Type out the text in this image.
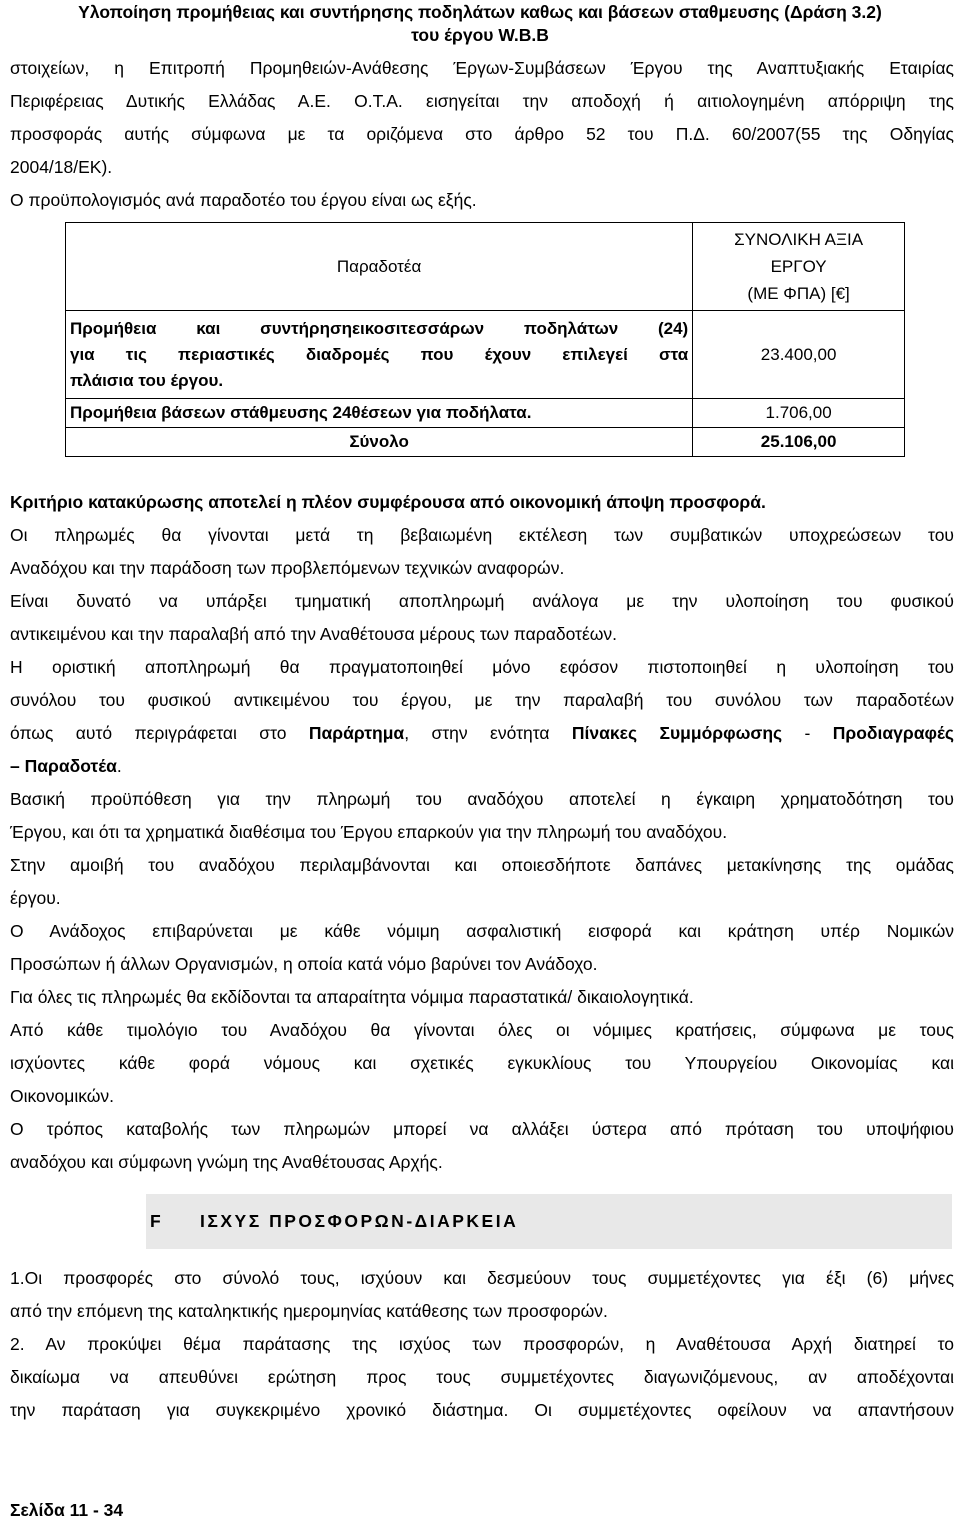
Υλοποίηση προμήθειας και συντήρησης ποδηλάτων καθως και βάσεων σταθμευσης (Δράση 3.2)
του έργου W.B.B
στοιχείων, η Επιτροπή Προμηθειών-Ανάθεσης Έργων-Συμβάσεων Έργου της Αναπτυξιακής Εταιρίας
Περιφέρειας Δυτικής Ελλάδας Α.Ε. Ο.Τ.Α. εισηγείται την αποδοχή ή αιτιολογημένη απόρριψη της
προσφοράς αυτής σύμφωνα με τα οριζόμενα στο άρθρο 52 του Π.Δ. 60/2007(55 της Οδηγίας
2004/18/ΕΚ).
Ο προϋπολογισμός ανά παραδοτέο του έργου είναι ως εξής.
Παραδοτέα	ΣΥΝΟΛΙΚΗ ΑΞΙΑ
ΕΡΓΟΥ
(ΜΕ ΦΠΑ) [€]

Προμήθεια και συντήρησηεικοσιτεσσάρων ποδηλάτων (24)
για τις περιαστικές διαδρομές που έχουν επιλεγεί στα
πλάισια του έργου.	23.400,00

Προμήθεια βάσεων στάθμευσης 24θέσεων για ποδήλατα.	1.706,00
Σύνολο	25.106,00
Κριτήριο κατακύρωσης αποτελεί η πλέον συμφέρουσα από οικονομική άποψη προσφορά.
Οι πληρωμές θα γίνονται μετά τη βεβαιωμένη εκτέλεση των συμβατικών υποχρεώσεων του
Αναδόχου και την παράδοση των προβλεπόμενων τεχνικών αναφορών.
Είναι δυνατό να υπάρξει τμηματική αποπληρωμή ανάλογα με την υλοποίηση του φυσικού
αντικειμένου και την παραλαβή από την Αναθέτουσα μέρους των παραδοτέων.
Η οριστική αποπληρωμή θα πραγματοποιηθεί μόνο εφόσον πιστοποιηθεί η υλοποίηση του
συνόλου του φυσικού αντικειμένου του έργου, με την παραλαβή του συνόλου των παραδοτέων
όπως αυτό περιγράφεται στο Παράρτημα, στην ενότητα Πίνακες Συμμόρφωσης - Προδιαγραφές
– Παραδοτέα.
Βασική προϋπόθεση για την πληρωμή του αναδόχου αποτελεί η έγκαιρη χρηματοδότηση του
Έργου, και ότι τα χρηματικά διαθέσιμα του Έργου επαρκούν για την πληρωμή του αναδόχου.
Στην αμοιβή του αναδόχου περιλαμβάνονται και οποιεσδήποτε δαπάνες μετακίνησης της ομάδας
έργου.
Ο Ανάδοχος επιβαρύνεται με κάθε νόμιμη ασφαλιστική εισφορά και κράτηση υπέρ Νομικών
Προσώπων ή άλλων Οργανισμών, η οποία κατά νόμο βαρύνει τον Ανάδοχο.
Για όλες τις πληρωμές θα εκδίδονται τα απαραίτητα νόμιμα παραστατικά/ δικαιολογητικά.
Από κάθε τιμολόγιο του Αναδόχου θα γίνονται όλες οι νόμιμες κρατήσεις, σύμφωνα με τους
ισχύοντες κάθε φορά νόμους και σχετικές εγκυκλίους του Υπουργείου Οικονομίας και
Οικονομικών.
Ο τρόπος καταβολής των πληρωμών μπορεί να αλλάξει ύστερα από πρόταση του υποψήφιου
αναδόχου και σύμφωνη γνώμη της Αναθέτουσας Αρχής.
F	ΙΣΧΥΣ ΠΡΟΣΦΟΡΩΝ-ΔΙΑΡΚΕΙΑ
1.Οι προσφορές στο σύνολό τους, ισχύουν και δεσμεύουν τους συμμετέχοντες για έξι (6) μήνες
από την επόμενη της καταληκτικής ημερομηνίας κατάθεσης των προσφορών.
2. Αν προκύψει θέμα παράτασης της ισχύος των προσφορών, η Αναθέτουσα Αρχή διατηρεί το
δικαίωμα να απευθύνει ερώτηση προς τους συμμετέχοντες διαγωνιζόμενους, αν αποδέχονται
την παράταση για συγκεκριμένο χρονικό διάστημα. Οι συμμετέχοντες οφείλουν να απαντήσουν
Σελίδα 11 - 34
